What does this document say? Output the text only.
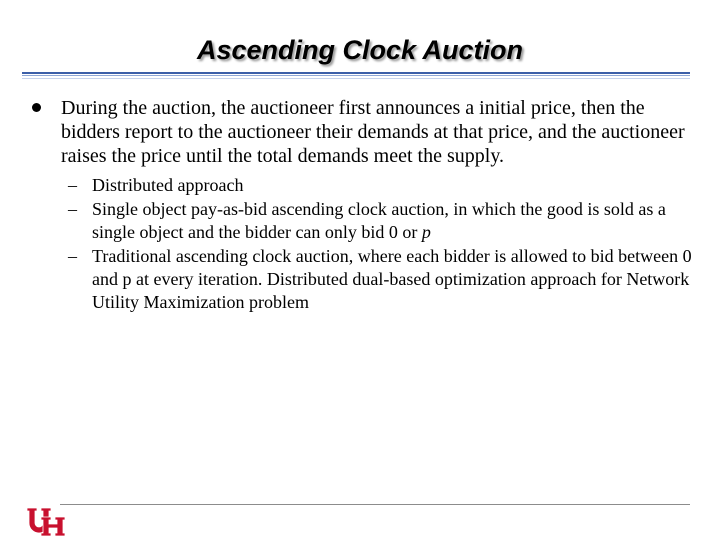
Ascending Clock Auction
During the auction, the auctioneer first announces a initial price, then the bidders report to the auctioneer their demands at that price, and the auctioneer raises the price until the total demands meet the supply.
– Distributed approach
– Single object pay-as-bid ascending clock auction, in which the good is sold as a single object and the bidder can only bid 0 or p
– Traditional ascending clock auction, where each bidder is allowed to bid between 0 and p at every iteration. Distributed dual-based optimization approach for Network Utility Maximization problem
